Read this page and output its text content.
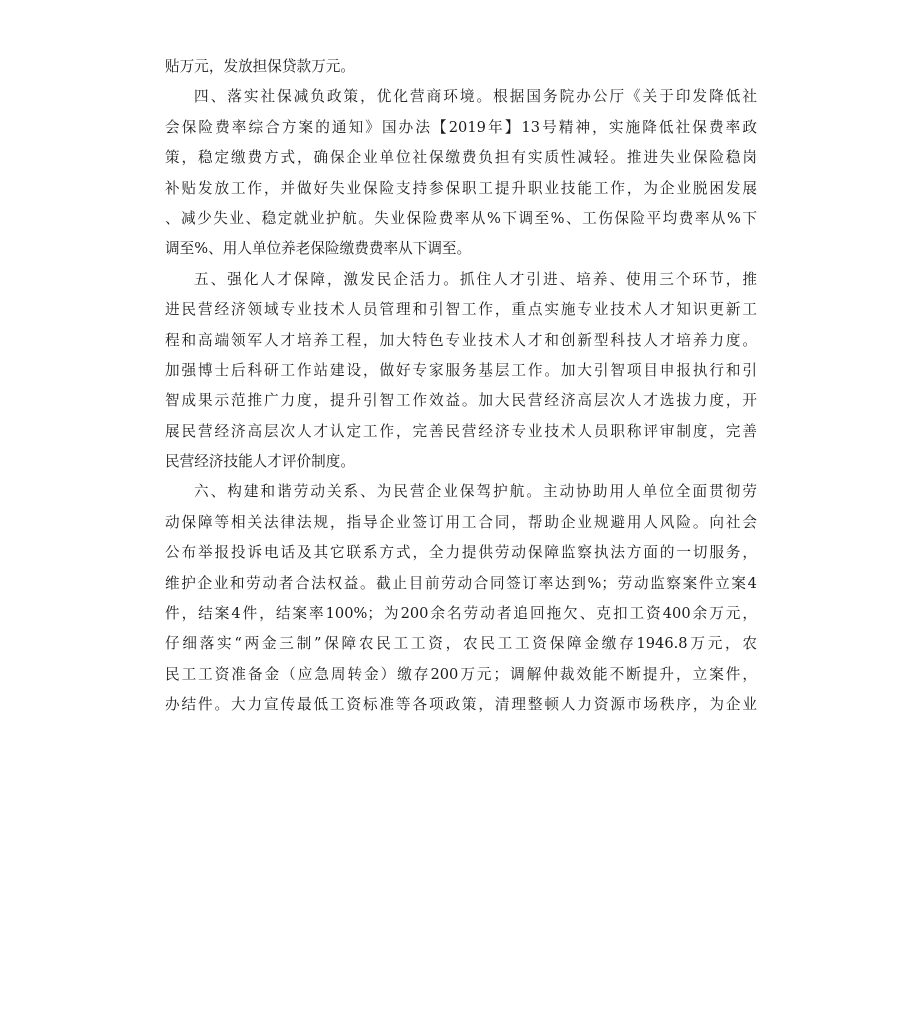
贴万元，发放担保贷款万元。
四、落实社保减负政策，优化营商环境。根据国务院办公厅《关于印发降低社
会保险费率综合方案的通知》国办法【2019年】13号精神，实施降低社保费率政
策，稳定缴费方式，确保企业单位社保缴费负担有实质性减轻。推进失业保险稳岗
补贴发放工作，并做好失业保险支持参保职工提升职业技能工作，为企业脱困发展
、减少失业、稳定就业护航。失业保险费率从%下调至%、工伤保险平均费率从%下
调至%、用人单位养老保险缴费费率从下调至。
五、强化人才保障，激发民企活力。抓住人才引进、培养、使用三个环节，推
进民营经济领域专业技术人员管理和引智工作，重点实施专业技术人才知识更新工
程和高端领军人才培养工程，加大特色专业技术人才和创新型科技人才培养力度。
加强博士后科研工作站建设，做好专家服务基层工作。加大引智项目申报执行和引
智成果示范推广力度，提升引智工作效益。加大民营经济高层次人才选拔力度，开
展民营经济高层次人才认定工作，完善民营经济专业技术人员职称评审制度，完善
民营经济技能人才评价制度。
六、构建和谐劳动关系、为民营企业保驾护航。主动协助用人单位全面贯彻劳
动保障等相关法律法规，指导企业签订用工合同，帮助企业规避用人风险。向社会
公布举报投诉电话及其它联系方式，全力提供劳动保障监察执法方面的一切服务，
维护企业和劳动者合法权益。截止目前劳动合同签订率达到%；劳动监察案件立案4
件，结案4件，结案率100%；为200余名劳动者追回拖欠、克扣工资400余万元，
仔细落实“两金三制”保障农民工工资，农民工工资保障金缴存1946.8万元，农
民工工资准备金（应急周转金）缴存200万元；调解仲裁效能不断提升，立案件，
办结件。大力宣传最低工资标准等各项政策，清理整顿人力资源市场秩序，为企业
